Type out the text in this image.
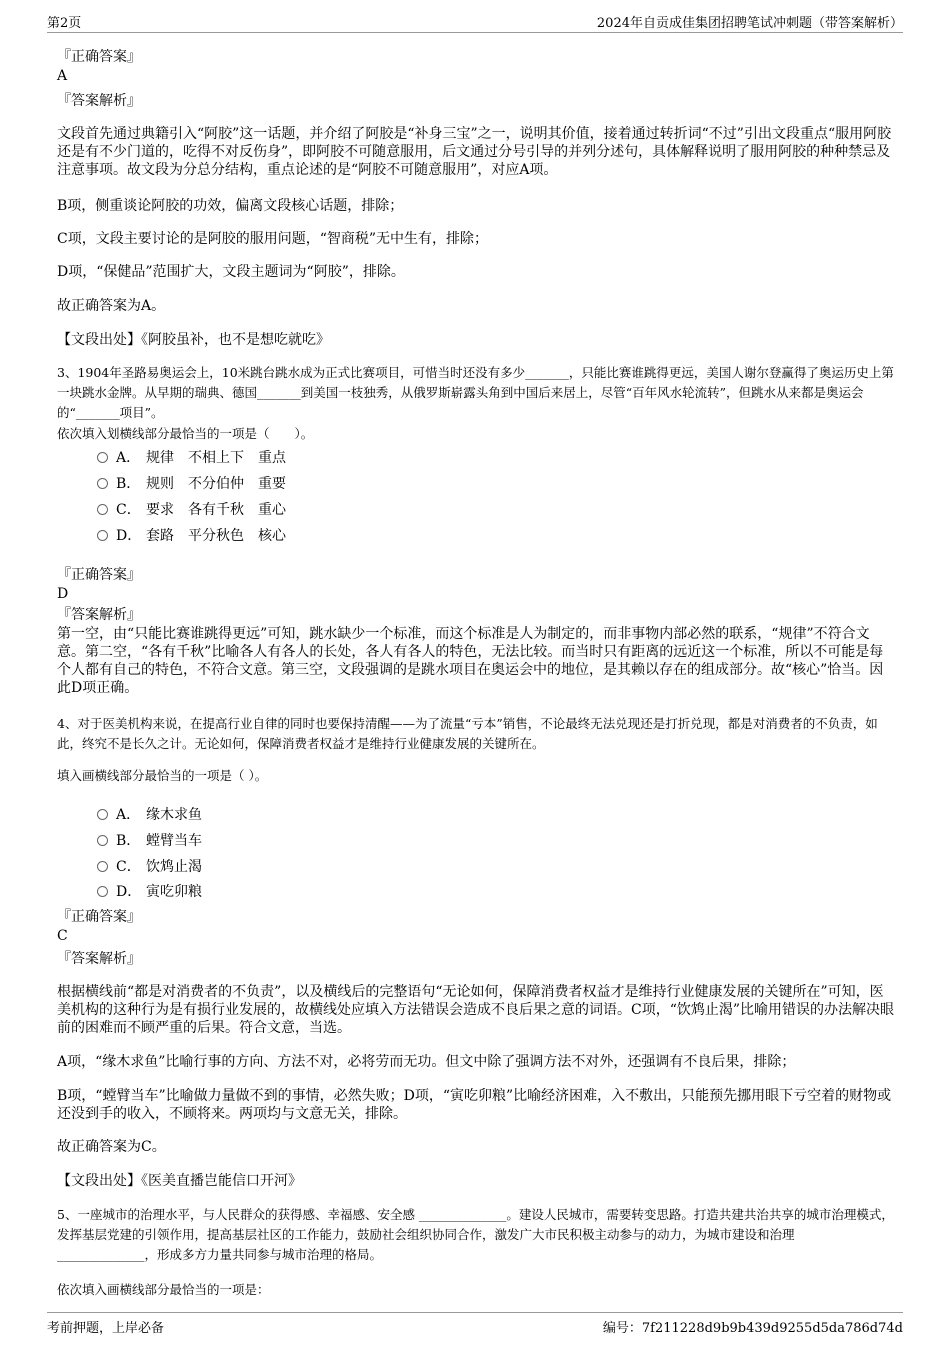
第2页	2024年自贡成佳集团招聘笔试冲刺题（带答案解析）
『正确答案』
A
『答案解析』
文段首先通过典籍引入“阿胶”这一话题，并介绍了阿胶是“补身三宝”之一，说明其价值，接着通过转折词“不过”引出文段重点“服用阿胶还是有不少门道的，吃得不对反伤身”，即阿胶不可随意服用，后文通过分号引导的并列分述句，具体解释说明了服用阿胶的种种禁忌及注意事项。故文段为分总分结构，重点论述的是“阿胶不可随意服用”，对应A项。
B项，侧重谈论阿胶的功效，偏离文段核心话题，排除；
C项，文段主要讨论的是阿胶的服用问题，“智商税”无中生有，排除；
D项，“保健品”范围扩大，文段主题词为“阿胶”，排除。
故正确答案为A。
【文段出处】《阿胶虽补，也不是想吃就吃》
3、1904年圣路易奥运会上，10米跳台跳水成为正式比赛项目，可惜当时还没有多少_______，只能比赛谁跳得更远，美国人谢尔登赢得了奥运历史上第一块跳水金牌。从早期的瑞典、德国_______到美国一枝独秀，从俄罗斯崭露头角到中国后来居上，尽管“百年风水轮流转”，但跳水从来都是奥运会的“_______项目”。
依次填入划横线部分最恰当的一项是（　　）。
A． 规律　不相上下　重点
B． 规则　不分伯仲　重要
C． 要求　各有千秋　重心
D． 套路　平分秋色　核心
『正确答案』
D
『答案解析』
第一空，由“只能比赛谁跳得更远”可知，跳水缺少一个标准，而这个标准是人为制定的，而非事物内部必然的联系，“规律”不符合文意。第二空，“各有千秋”比喻各人有各人的长处，各人有各人的特色，无法比较。而当时只有距离的远近这一个标准，所以不可能是每个人都有自己的特色，不符合文意。第三空，文段强调的是跳水项目在奥运会中的地位，是其赖以存在的组成部分。故“核心”恰当。因此D项正确。
4、对于医美机构来说，在提高行业自律的同时也要保持清醒——为了流量“亏本”销售，不论最终无法兑现还是打折兑现，都是对消费者的不负责，如此，终究不是长久之计。无论如何，保障消费者权益才是维持行业健康发展的关键所在。
填入画横线部分最恰当的一项是（ ）。
A． 缘木求鱼
B． 螳臂当车
C． 饮鸩止渴
D． 寅吃卯粮
『正确答案』
C
『答案解析』
根据横线前“都是对消费者的不负责”，以及横线后的完整语句“无论如何，保障消费者权益才是维持行业健康发展的关键所在”可知，医美机构的这种行为是有损行业发展的，故横线处应填入方法错误会造成不良后果之意的词语。C项，“饮鸩止渴”比喻用错误的办法解决眼前的困难而不顾严重的后果。符合文意，当选。
A项，“缘木求鱼”比喻行事的方向、方法不对，必将劳而无功。但文中除了强调方法不对外，还强调有不良后果，排除；
B项，“螳臂当车”比喻做力量做不到的事情，必然失败；D项，“寅吃卯粮”比喻经济困难，入不敷出，只能预先挪用眼下亏空着的财物或还没到手的收入，不顾将来。两项均与文意无关，排除。
故正确答案为C。
【文段出处】《医美直播岂能信口开河》
5、一座城市的治理水平，与人民群众的获得感、幸福感、安全感 ______________。建设人民城市，需要转变思路。打造共建共治共享的城市治理模式，发挥基层党建的引领作用，提高基层社区的工作能力，鼓励社会组织协同合作，激发广大市民积极主动参与的动力，为城市建设和治理 ______________，形成多方力量共同参与城市治理的格局。
依次填入画横线部分最恰当的一项是：
考前押题，上岸必备	编号：7f211228d9b9b439d9255d5da786d74d
